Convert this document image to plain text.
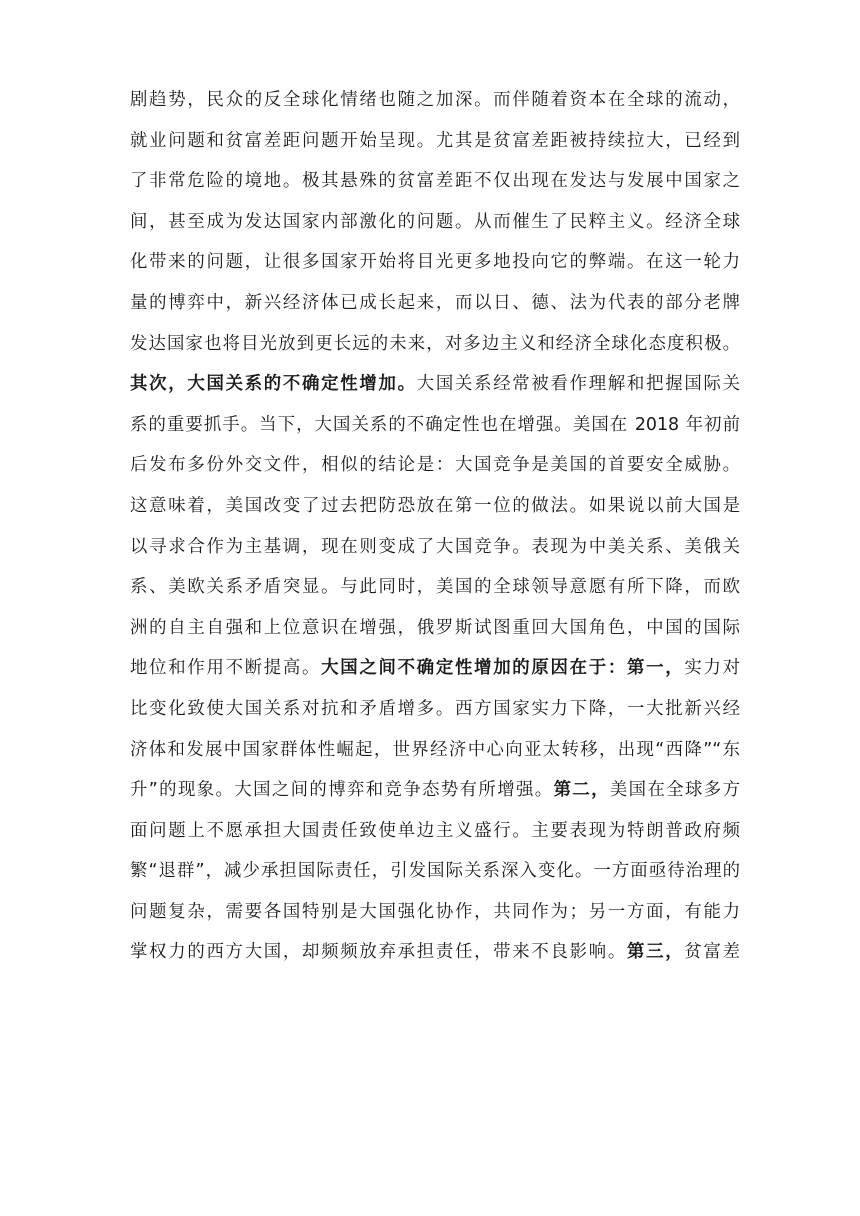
剧趋势，民众的反全球化情绪也随之加深。而伴随着资本在全球的流动，
就业问题和贫富差距问题开始呈现。尤其是贫富差距被持续拉大，已经到
了非常危险的境地。极其悬殊的贫富差距不仅出现在发达与发展中国家之
间，甚至成为发达国家内部激化的问题。从而催生了民粹主义。经济全球
化带来的问题，让很多国家开始将目光更多地投向它的弊端。在这一轮力
量的博弈中，新兴经济体已成长起来，而以日、德、法为代表的部分老牌
发达国家也将目光放到更长远的未来，对多边主义和经济全球化态度积极。
其次，大国关系的不确定性增加。大国关系经常被看作理解和把握国际关
系的重要抓手。当下，大国关系的不确定性也在增强。美国在 2018 年初前
后发布多份外交文件，相似的结论是：大国竞争是美国的首要安全威胁。
这意味着，美国改变了过去把防恐放在第一位的做法。如果说以前大国是
以寻求合作为主基调，现在则变成了大国竞争。表现为中美关系、美俄关
系、美欧关系矛盾突显。与此同时，美国的全球领导意愿有所下降，而欧
洲的自主自强和上位意识在增强，俄罗斯试图重回大国角色，中国的国际
地位和作用不断提高。大国之间不确定性增加的原因在于：第一，实力对
比变化致使大国关系对抗和矛盾增多。西方国家实力下降，一大批新兴经
济体和发展中国家群体性崛起，世界经济中心向亚太转移，出现“西降”“东
升”的现象。大国之间的博弈和竞争态势有所增强。第二，美国在全球多方
面问题上不愿承担大国责任致使单边主义盛行。主要表现为特朗普政府频
繁“退群”，减少承担国际责任，引发国际关系深入变化。一方面亟待治理的
问题复杂，需要各国特别是大国强化协作，共同作为；另一方面，有能力
掌权力的西方大国，却频频放弃承担责任，带来不良影响。第三，贫富差
